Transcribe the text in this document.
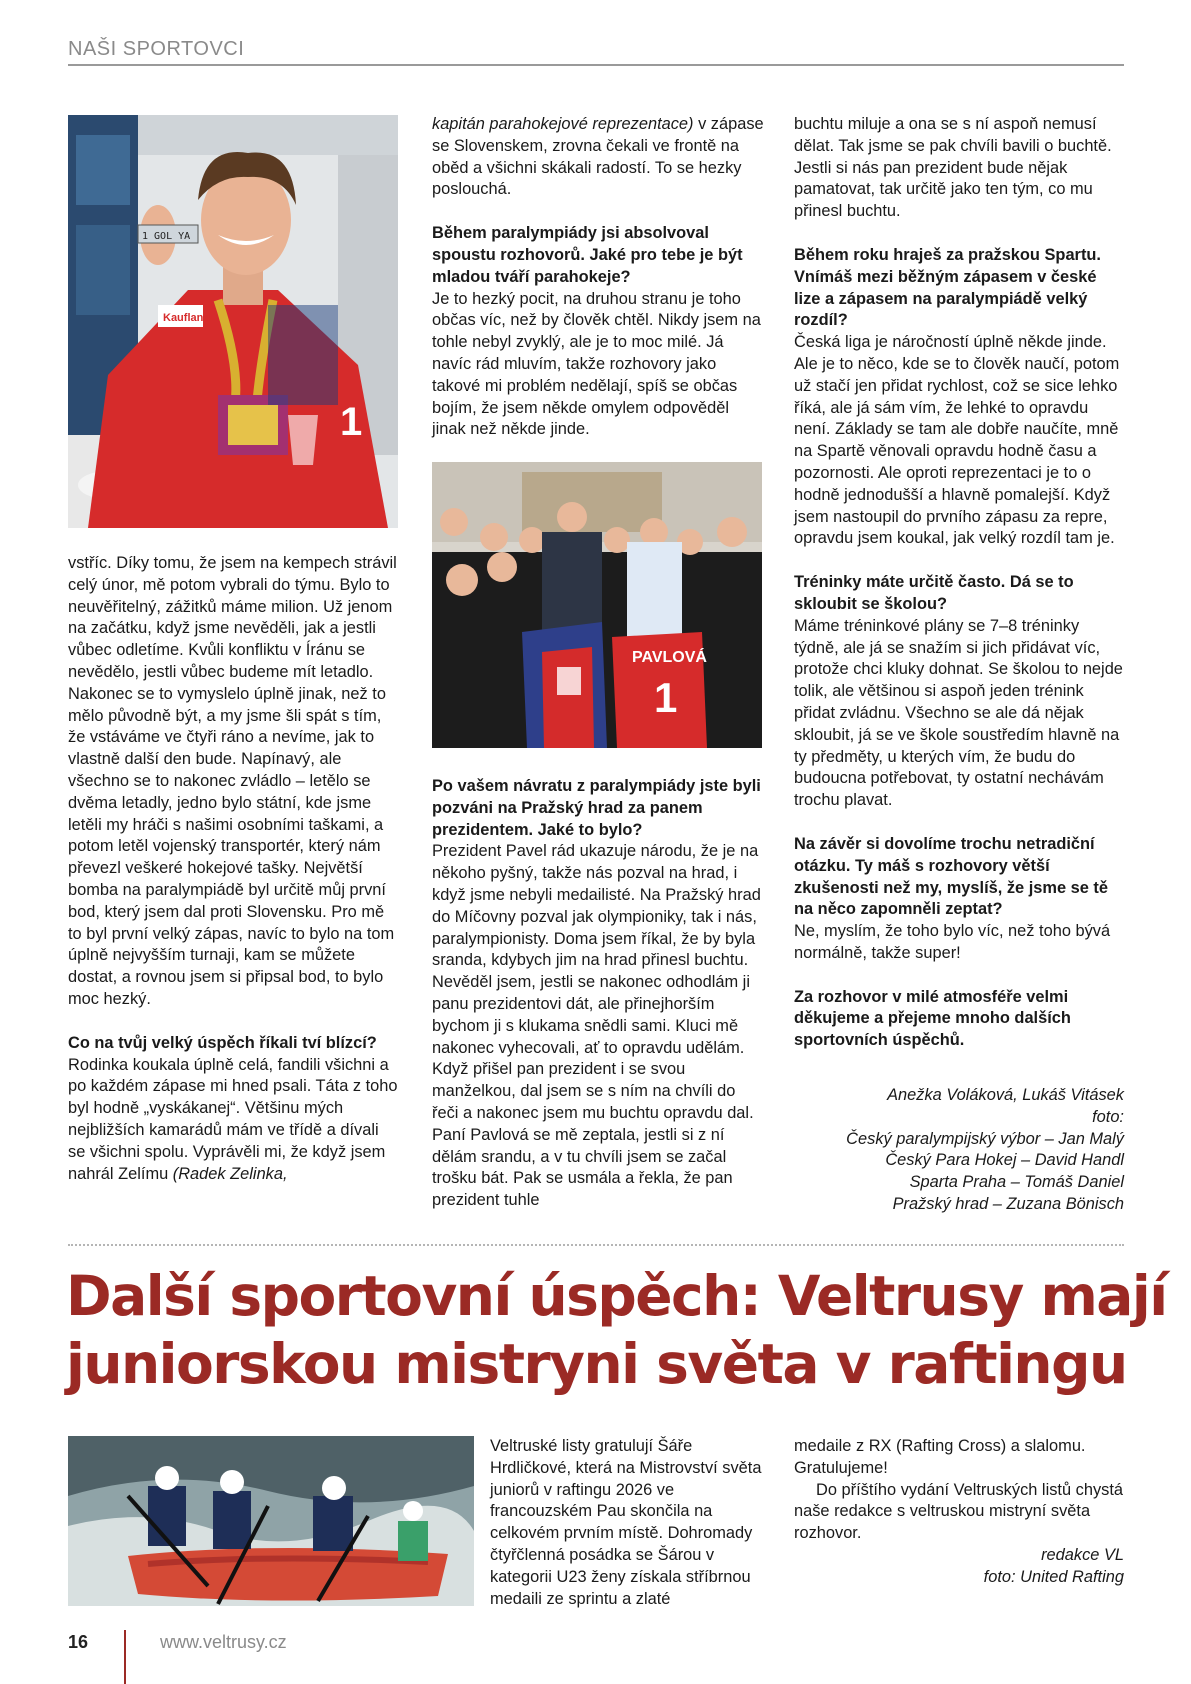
NAŠI SPORTOVCI
Kaufland
1
1 GOL ΥΑ

vstříc. Díky tomu, že jsem na kempech strávil celý únor, mě potom vybrali do týmu. Bylo to neuvěřitelný, zážitků máme milion. Už jenom na začátku, když jsme nevěděli, jak a jestli vůbec odletíme. Kvůli konfliktu v Íránu se nevědělo, jestli vůbec budeme mít letadlo. Nakonec se to vymyslelo úplně jinak, než to mělo původně být, a my jsme šli spát s tím, že vstáváme ve čtyři ráno a nevíme, jak to vlastně další den bude. Napínavý, ale všechno se to nakonec zvládlo – letělo se dvěma letadly, jedno bylo státní, kde jsme letěli my hráči s našimi osobními taškami, a potom letěl vojenský transportér, který nám převezl veškeré hokejové tašky. Největší bomba na paralympiádě byl určitě můj první bod, který jsem dal proti Slovensku. Pro mě to byl první velký zápas, navíc to bylo na tom úplně nejvyšším turnaji, kam se můžete dostat, a rovnou jsem si připsal bod, to bylo moc hezký.

Co na tvůj velký úspěch říkali tví blízcí?

Rodinka koukala úplně celá, fandili všichni a po každém zápase mi hned psali. Táta z toho byl hodně „vyskákanej“. Většinu mých nejbližších kamarádů mám ve třídě a dívali se všichni spolu. Vyprávěli mi, že když jsem nahrál Zelímu (Radek Zelinka,

kapitán parahokejové reprezentace) v zápase se Slovenskem, zrovna čekali ve frontě na oběd a všichni skákali radostí. To se hezky poslouchá.

Během paralympiády jsi absolvoval spoustu rozhovorů. Jaké pro tebe je být mladou tváří parahokeje?

Je to hezký pocit, na druhou stranu je toho občas víc, než by člověk chtěl. Nikdy jsem na tohle nebyl zvyklý, ale je to moc milé. Já navíc rád mluvím, takže rozhovory jako takové mi problém nedělají, spíš se občas bojím, že jsem někde omylem odpověděl jinak než někde jinde.

PAVLOVÁ
1

Po vašem návratu z paralympiády jste byli pozváni na Pražský hrad za panem prezidentem. Jaké to bylo?

Prezident Pavel rád ukazuje národu, že je na někoho pyšný, takže nás pozval na hrad, i když jsme nebyli medailisté. Na Pražský hrad do Míčovny pozval jak olympioniky, tak i nás, paralympionisty. Doma jsem říkal, že by byla sranda, kdybych jim na hrad přinesl buchtu. Nevěděl jsem, jestli se nakonec odhodlám ji panu prezidentovi dát, ale přinejhorším bychom ji s klukama snědli sami. Kluci mě nakonec vyhecovali, ať to opravdu udělám. Když přišel pan prezident i se svou manželkou, dal jsem se s ním na chvíli do řeči a nakonec jsem mu buchtu opravdu dal. Paní Pavlová se mě zeptala, jestli si z ní dělám srandu, a v tu chvíli jsem se začal trošku bát. Pak se usmála a řekla, že pan prezident tuhle

buchtu miluje a ona se s ní aspoň nemusí dělat. Tak jsme se pak chvíli bavili o buchtě. Jestli si nás pan prezident bude nějak pamatovat, tak určitě jako ten tým, co mu přinesl buchtu.

Během roku hraješ za pražskou Spartu. Vnímáš mezi běžným zápasem v české lize a zápasem na paralympiádě velký rozdíl?

Česká liga je náročností úplně někde jinde. Ale je to něco, kde se to člověk naučí, potom už stačí jen přidat rychlost, což se sice lehko říká, ale já sám vím, že lehké to opravdu není. Základy se tam ale dobře naučíte, mně na Spartě věnovali opravdu hodně času a pozornosti. Ale oproti reprezentaci je to o hodně jednodušší a hlavně pomalejší. Když jsem nastoupil do prvního zápasu za repre, opravdu jsem koukal, jak velký rozdíl tam je.

Tréninky máte určitě často. Dá se to skloubit se školou?

Máme tréninkové plány se 7–8 tréninky týdně, ale já se snažím si jich přidávat víc, protože chci kluky dohnat. Se školou to nejde tolik, ale většinou si aspoň jeden trénink přidat zvládnu. Všechno se ale dá nějak skloubit, já se ve škole soustředím hlavně na ty předměty, u kterých vím, že budu do budoucna potřebovat, ty ostatní nechávám trochu plavat.

Na závěr si dovolíme trochu netradiční otázku. Ty máš s rozhovory větší zkušenosti než my, myslíš, že jsme se tě na něco zapomněli zeptat?

Ne, myslím, že toho bylo víc, než toho bývá normálně, takže super!

Za rozhovor v milé atmosféře velmi děkujeme a přejeme mnoho dalších sportovních úspěchů.

Anežka Voláková, Lukáš Vitásek

foto:

Český paralympijský výbor – Jan Malý

Český Para Hokej – David Handl

Sparta Praha – Tomáš Daniel

Pražský hrad – Zuzana Bönisch

Další sportovní úspěch: Veltrusy mají
juniorskou mistryni světa v raftingu

Veltruské listy gratulují Šáře Hrdličkové, která na Mistrovství světa juniorů v raftingu 2026 ve francouzském Pau skončila na celkovém prvním místě. Dohromady čtyřčlenná posádka se Šárou v kategorii U23 ženy získala stříbrnou medaili ze sprintu a zlaté

medaile z RX (Rafting Cross) a slalomu. Gratulujeme!

Do příštího vydání Veltruských listů chystá naše redakce s veltruskou mistryní světa rozhovor.

redakce VL

foto: United Rafting

16	www.veltrusy.cz
